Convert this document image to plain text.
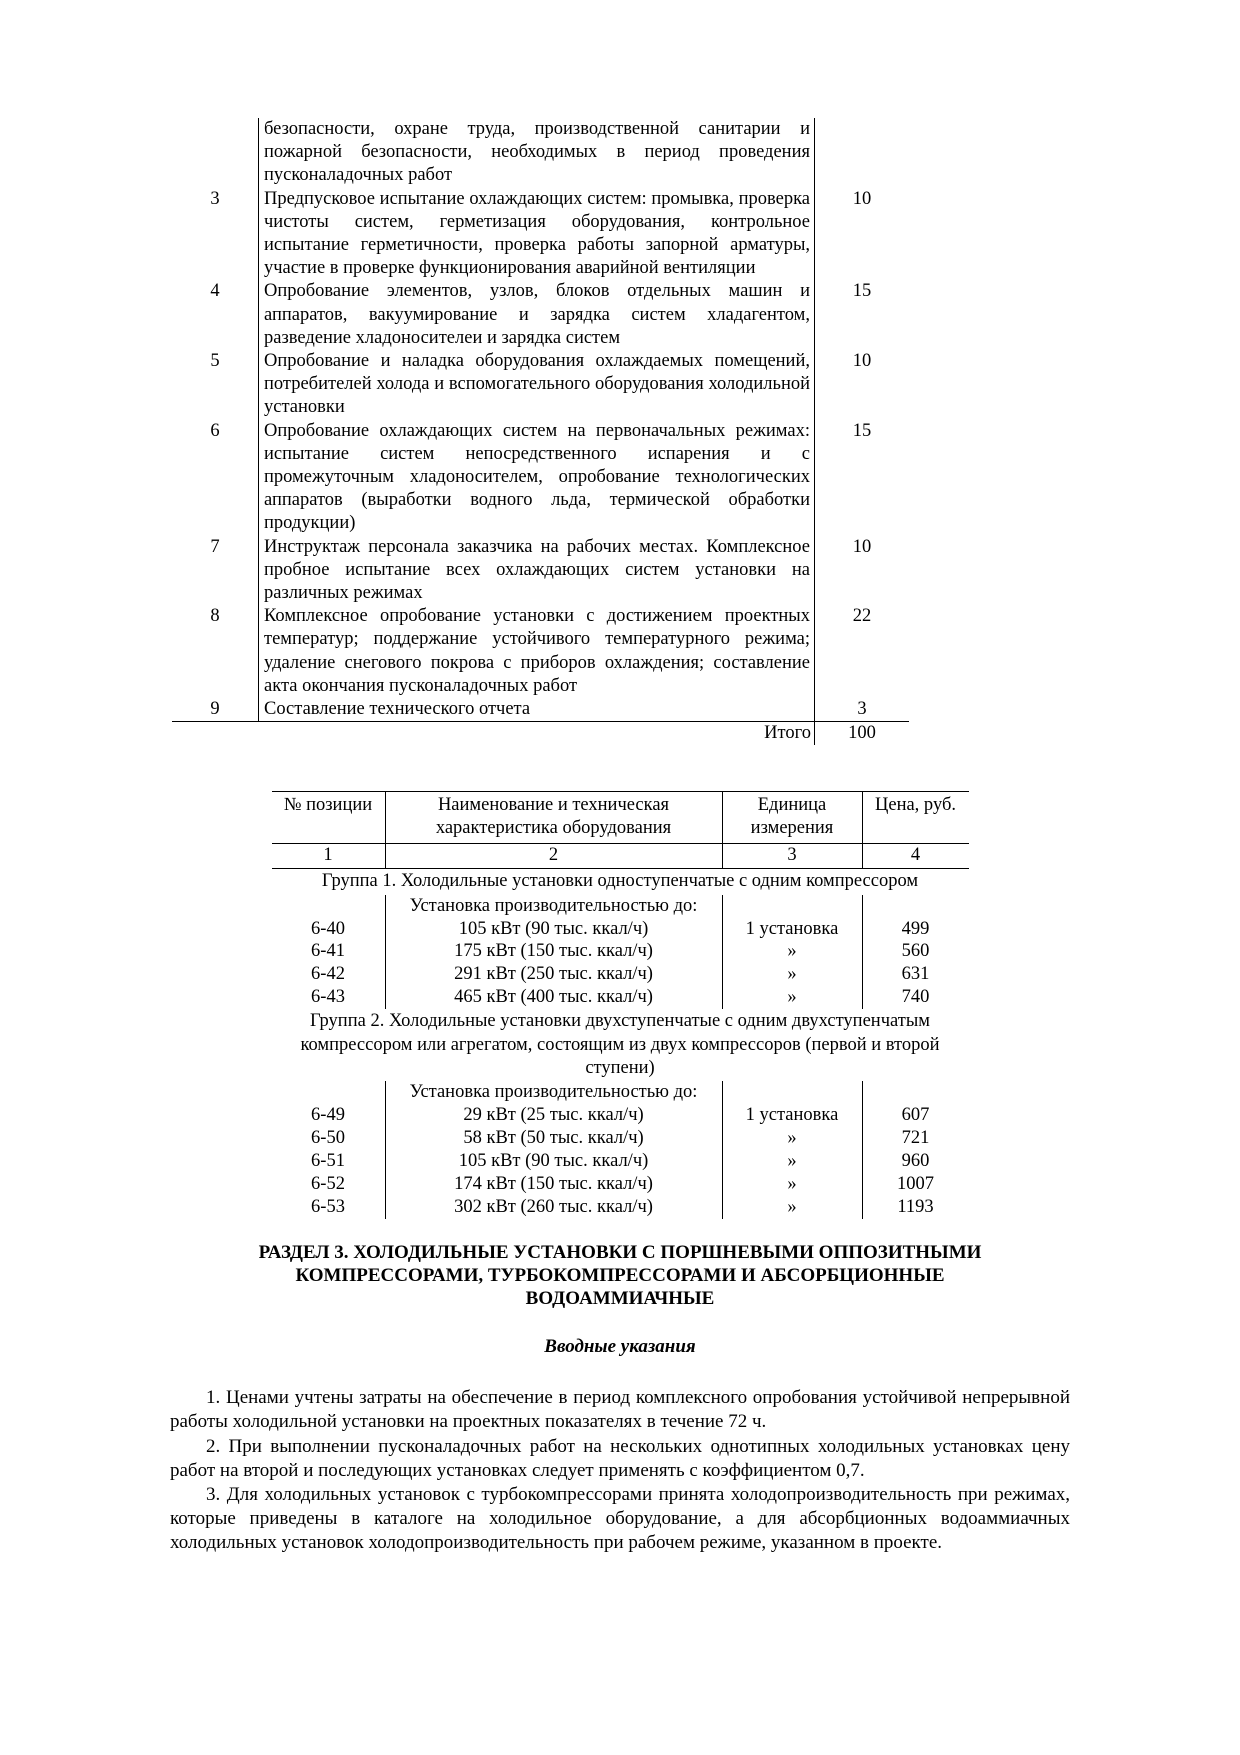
	безопасности, охране труда, производственной санитарии и пожарной безопасности, необходимых в период проведения пусконаладочных работ	
3	Предпусковое испытание охлаждающих систем: промывка, проверка чистоты систем, герметизация оборудования, контрольное испытание герметичности, проверка работы запорной арматуры, участие в проверке функционирования аварийной вентиляции	10
4	Опробование элементов, узлов, блоков отдельных машин и аппаратов, вакуумирование и зарядка систем хладагентом, разведение хладоносителеи и зарядка систем	15
5	Опробование и наладка оборудования охлаждаемых помещений, потребителей холода и вспомогательного оборудования холодильной установки	10
6	Опробование охлаждающих систем на первоначальных режимах: испытание систем непосредственного испарения и с промежуточным хладоносителем, опробование технологических аппаратов (выработки водного льда, термической обработки продукции)	15
7	Инструктаж персонала заказчика на рабочих местах. Комплексное пробное испытание всех охлаждающих систем установки на различных режимах	10
8	Комплексное опробование установки с достижением проектных температур; поддержание устойчивого температурного режима; удаление снегового покрова с приборов охлаждения; составление акта окончания пусконаладочных работ	22
9	Составление технического отчета	3
	Итого	100
№ позиции	Наименование и техническая характеристика оборудования	Единица измерения	Цена, руб.
1	2	3	4
Группа 1. Холодильные установки одноступенчатые с одним компрессором			
	Установка производительностью до:		
6-40	105 кВт (90 тыс. ккал/ч)	1 установка	499
6-41	175 кВт (150 тыс. ккал/ч)	»	560
6-42	291 кВт (250 тыс. ккал/ч)	»	631
6-43	465 кВт (400 тыс. ккал/ч)	»	740
Группа 2. Холодильные установки двухступенчатые с одним двухступенчатым компрессором или агрегатом, состоящим из двух компрессоров (первой и второй ступени)			
	Установка производительностью до:		
6-49	29 кВт (25 тыс. ккал/ч)	1 установка	607
6-50	58 кВт (50 тыс. ккал/ч)	»	721
6-51	105 кВт (90 тыс. ккал/ч)	»	960
6-52	174 кВт (150 тыс. ккал/ч)	»	1007
6-53	302 кВт (260 тыс. ккал/ч)	»	1193
РАЗДЕЛ 3. ХОЛОДИЛЬНЫЕ УСТАНОВКИ С ПОРШНЕВЫМИ ОППОЗИТНЫМИ КОМПРЕССОРАМИ, ТУРБОКОМПРЕССОРАМИ И АБСОРБЦИОННЫЕ ВОДОАММИАЧНЫЕ
Вводные указания

1. Ценами учтены затраты на обеспечение в период комплексного опробования устойчивой непрерывной работы холодильной установки на проектных показателях в течение 72 ч.

2. При выполнении пусконаладочных работ на нескольких однотипных холодильных установках цену работ на второй и последующих установках следует применять с коэффициентом 0,7.

3. Для холодильных установок с турбокомпрессорами принята холодопроизводительность при режимах, которые приведены в каталоге на холодильное оборудование, а для абсорбционных водоаммиачных холодильных установок холодопроизводительность при рабочем режиме, указанном в проекте.
